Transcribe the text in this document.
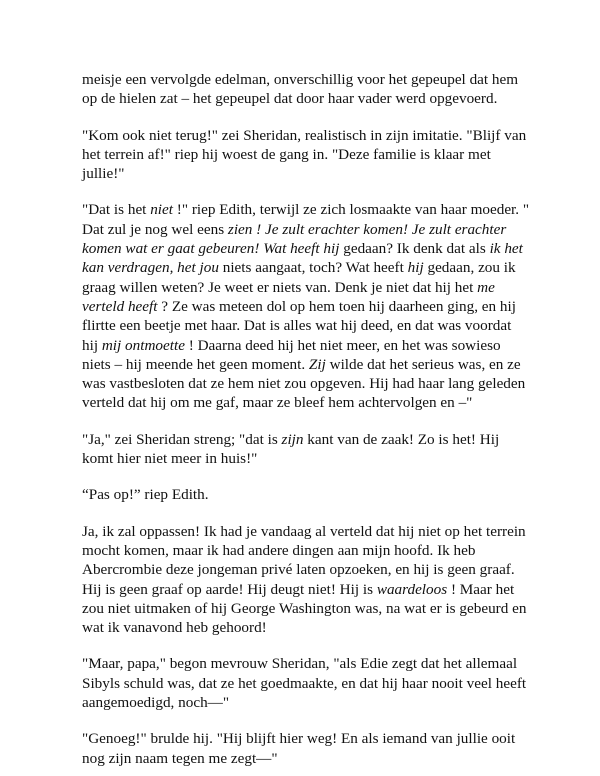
meisje een vervolgde edelman, onverschillig voor het gepeupel dat hem op de hielen zat – het gepeupel dat door haar vader werd opgevoerd.

"Kom ook niet terug!" zei Sheridan, realistisch in zijn imitatie. "Blijf van het terrein af!" riep hij woest de gang in. "Deze familie is klaar met jullie!"

"Dat is het niet !" riep Edith, terwijl ze zich losmaakte van haar moeder. " Dat zul je nog wel eens zien ! Je zult erachter komen! Je zult erachter komen wat er gaat gebeuren! Wat heeft hij gedaan? Ik denk dat als ik het kan verdragen, het jou niets aangaat, toch? Wat heeft hij gedaan, zou ik graag willen weten? Je weet er niets van. Denk je niet dat hij het me verteld heeft ? Ze was meteen dol op hem toen hij daarheen ging, en hij flirtte een beetje met haar. Dat is alles wat hij deed, en dat was voordat hij mij ontmoette ! Daarna deed hij het niet meer, en het was sowieso niets – hij meende het geen moment. Zij wilde dat het serieus was, en ze was vastbesloten dat ze hem niet zou opgeven. Hij had haar lang geleden verteld dat hij om me gaf, maar ze bleef hem achtervolgen en –"

"Ja," zei Sheridan streng; "dat is zijn kant van de zaak! Zo is het! Hij komt hier niet meer in huis!"

“Pas op!” riep Edith.

Ja, ik zal oppassen! Ik had je vandaag al verteld dat hij niet op het terrein mocht komen, maar ik had andere dingen aan mijn hoofd. Ik heb Abercrombie deze jongeman privé laten opzoeken, en hij is geen graaf. Hij is geen graaf op aarde! Hij deugt niet! Hij is waardeloos ! Maar het zou niet uitmaken of hij George Washington was, na wat er is gebeurd en wat ik vanavond heb gehoord!

"Maar, papa," begon mevrouw Sheridan, "als Edie zegt dat het allemaal Sibyls schuld was, dat ze het goedmaakte, en dat hij haar nooit veel heeft aangemoedigd, noch—"

"Genoeg!" brulde hij. "Hij blijft hier weg! En als iemand van jullie ooit nog zijn naam tegen me zegt—"
